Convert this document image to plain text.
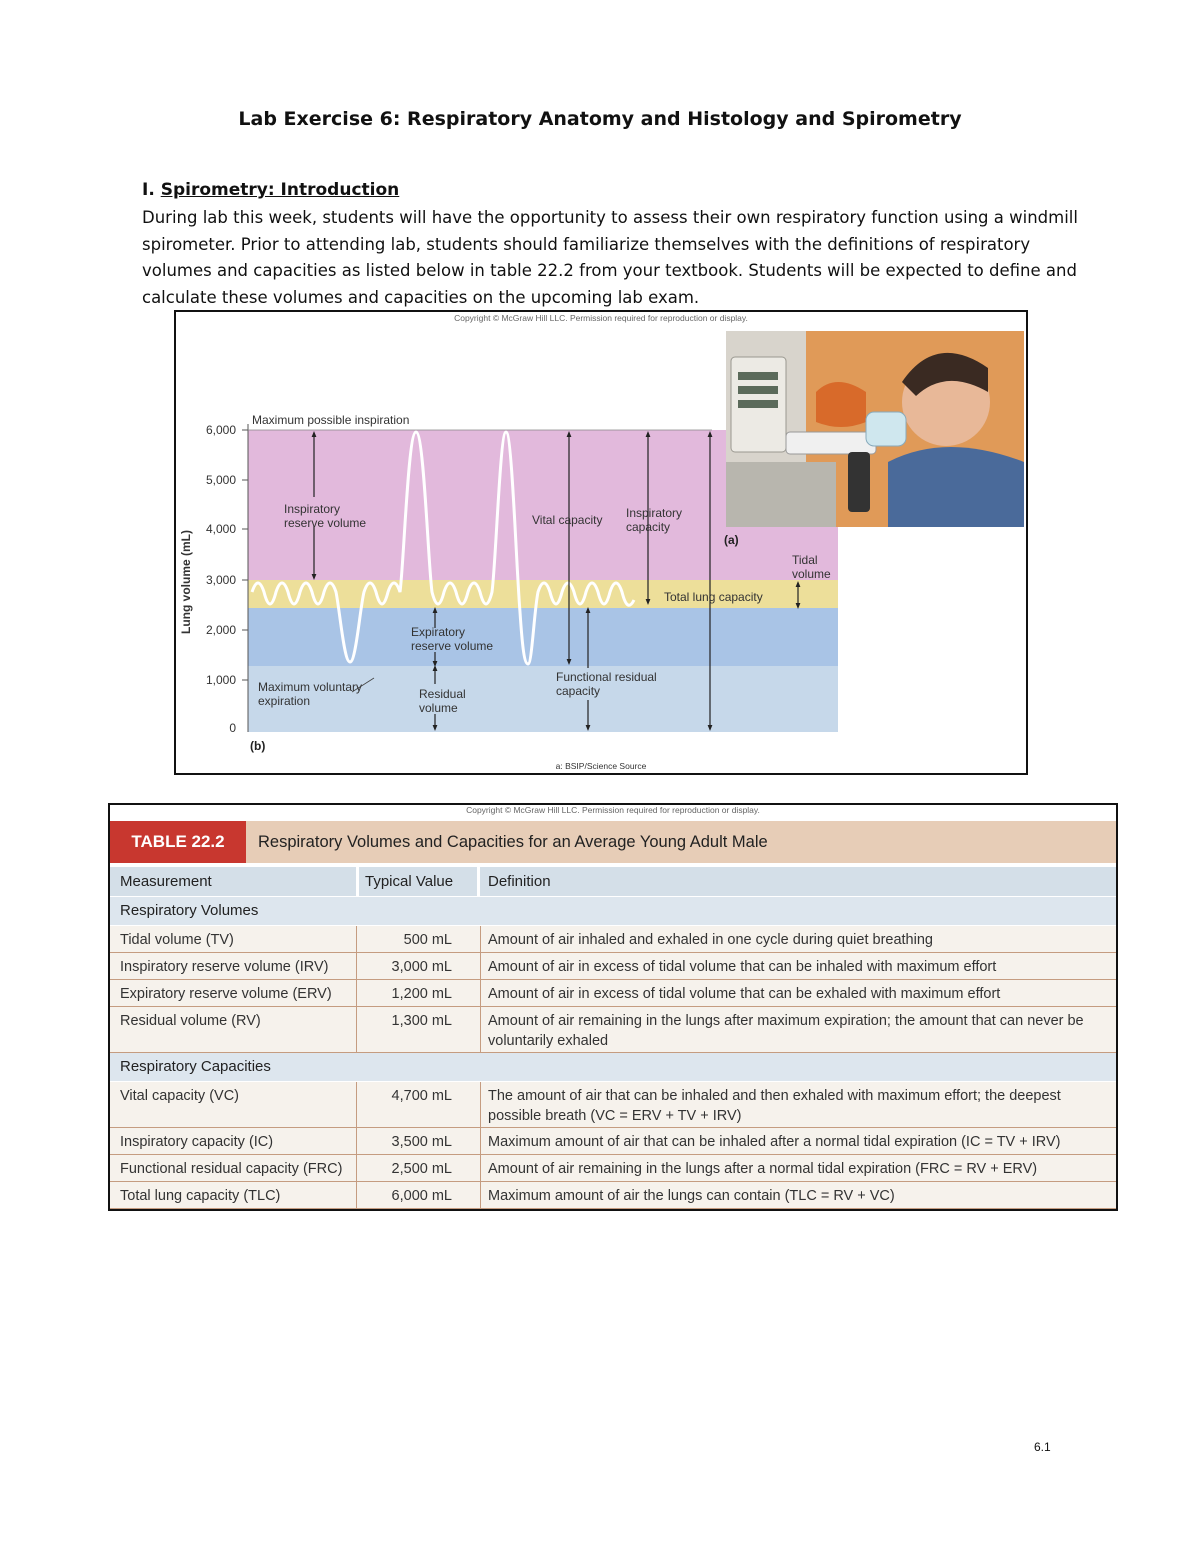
Lab Exercise 6: Respiratory Anatomy and Histology and Spirometry
I. Spirometry: Introduction
During lab this week, students will have the opportunity to assess their own respiratory function using a windmill spirometer. Prior to attending lab, students should familiarize themselves with the definitions of respiratory volumes and capacities as listed below in table 22.2 from your textbook. Students will be expected to define and calculate these volumes and capacities on the upcoming lab exam.
Copyright © McGraw Hill LLC. Permission required for reproduction or display.
6,000
5,000
4,000
3,000
2,000
1,000
0
Lung volume (mL)
Maximum possible inspiration
Inspiratory
reserve volume	Vital capacity Inspiratory
capacity
Tidal
volume
Total lung capacity
Expiratory
reserve volume
Functional residual
capacity
Maximum voluntary
expiration	Residual
volume
(a)
(b)
a: BSIP/Science Source
Copyright © McGraw Hill LLC. Permission required for reproduction or display.
TABLE 22.2	Respiratory Volumes and Capacities for an Average Young Adult Male
Measurement	Typical Value	Definition
Respiratory Volumes
Tidal volume (TV)	500 mL Amount of air inhaled and exhaled in one cycle during quiet breathing
Inspiratory reserve volume (IRV)	3,000 mL Amount of air in excess of tidal volume that can be inhaled with maximum effort
Expiratory reserve volume (ERV)	1,200 mL Amount of air in excess of tidal volume that can be exhaled with maximum effort
Residual volume (RV)	1,300 mL Amount of air remaining in the lungs after maximum expiration; the amount that can never be voluntarily exhaled
Respiratory Capacities
Vital capacity (VC)	4,700 mL The amount of air that can be inhaled and then exhaled with maximum effort; the deepest possible breath (VC = ERV + TV + IRV)
Inspiratory capacity (IC)	3,500 mL Maximum amount of air that can be inhaled after a normal tidal expiration (IC = TV + IRV)
Functional residual capacity (FRC)	2,500 mL Amount of air remaining in the lungs after a normal tidal expiration (FRC = RV + ERV)
Total lung capacity (TLC)	6,000 mL Maximum amount of air the lungs can contain (TLC = RV + VC)
6.1
